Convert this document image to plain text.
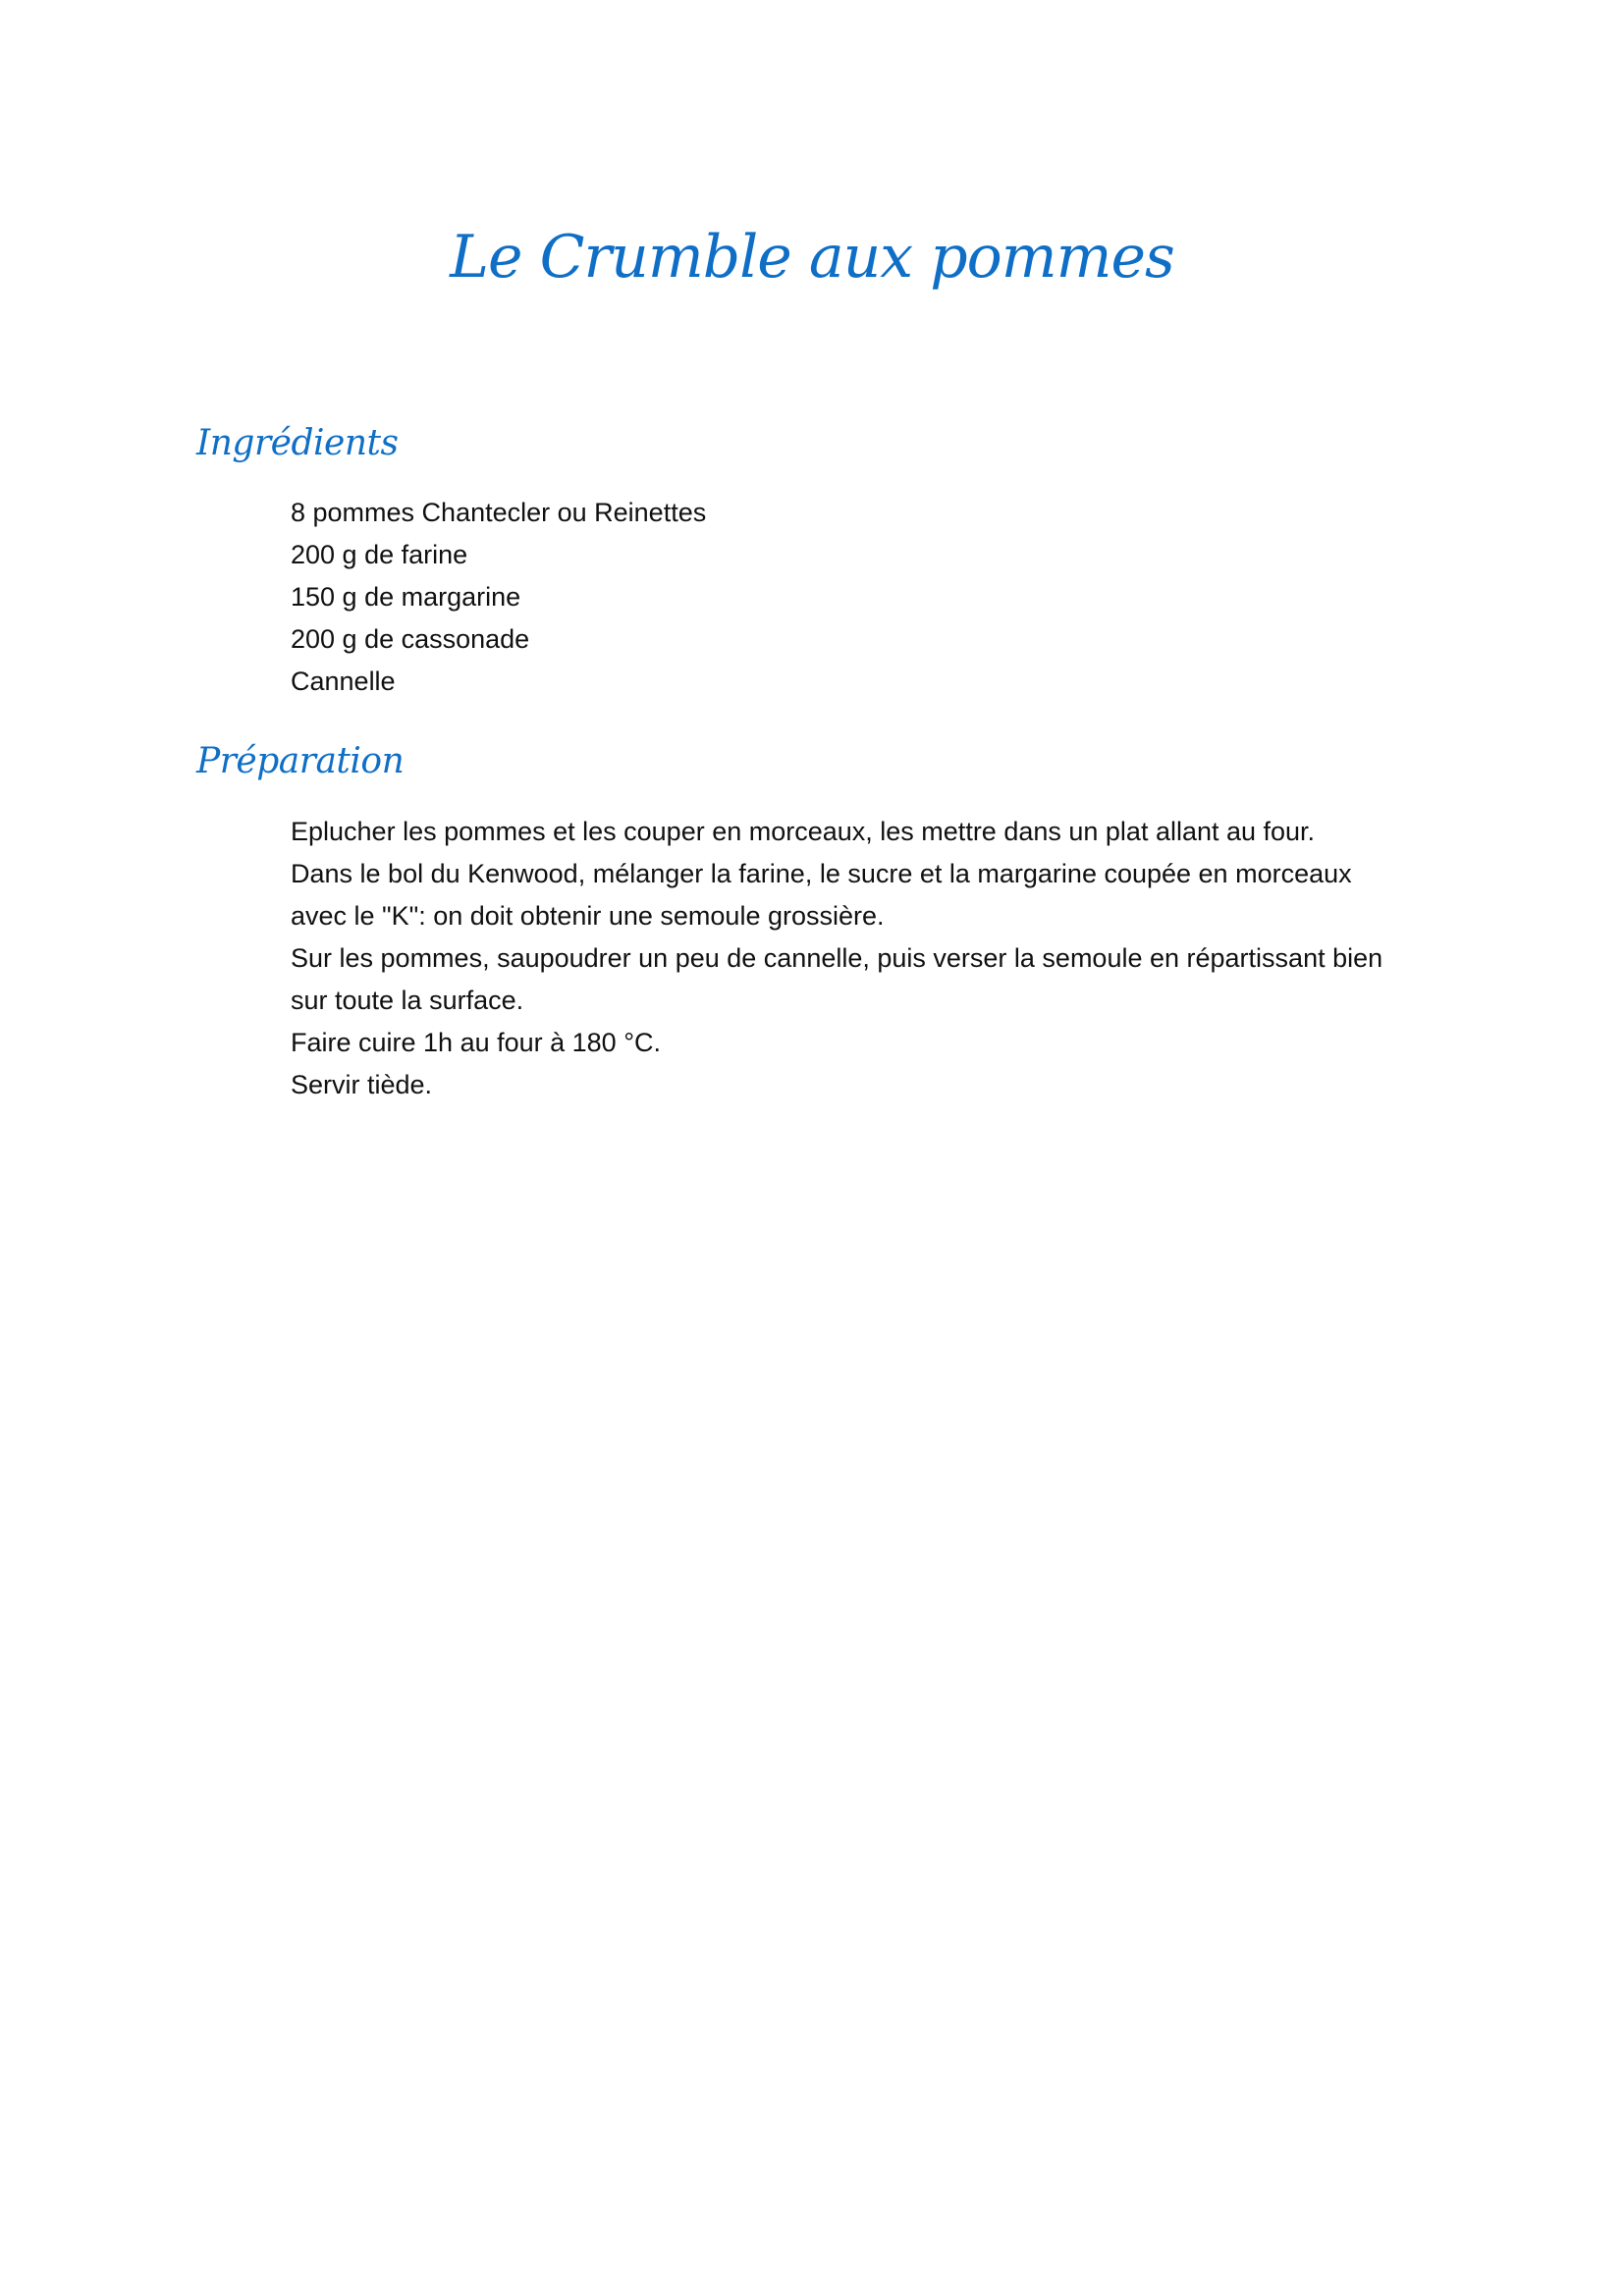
Le Crumble aux pommes
Ingrédients
8 pommes Chantecler ou Reinettes
200 g de farine
150 g de margarine
200 g de cassonade
Cannelle
Préparation
Eplucher les pommes et les couper en morceaux, les mettre dans un plat allant au four.
Dans le bol du Kenwood, mélanger la farine, le sucre et la margarine coupée en morceaux
avec le "K": on doit obtenir une semoule grossière.
Sur les pommes, saupoudrer un peu de cannelle, puis verser la semoule en répartissant bien
sur toute la surface.
Faire cuire 1h au four à 180 °C.
Servir tiède.
